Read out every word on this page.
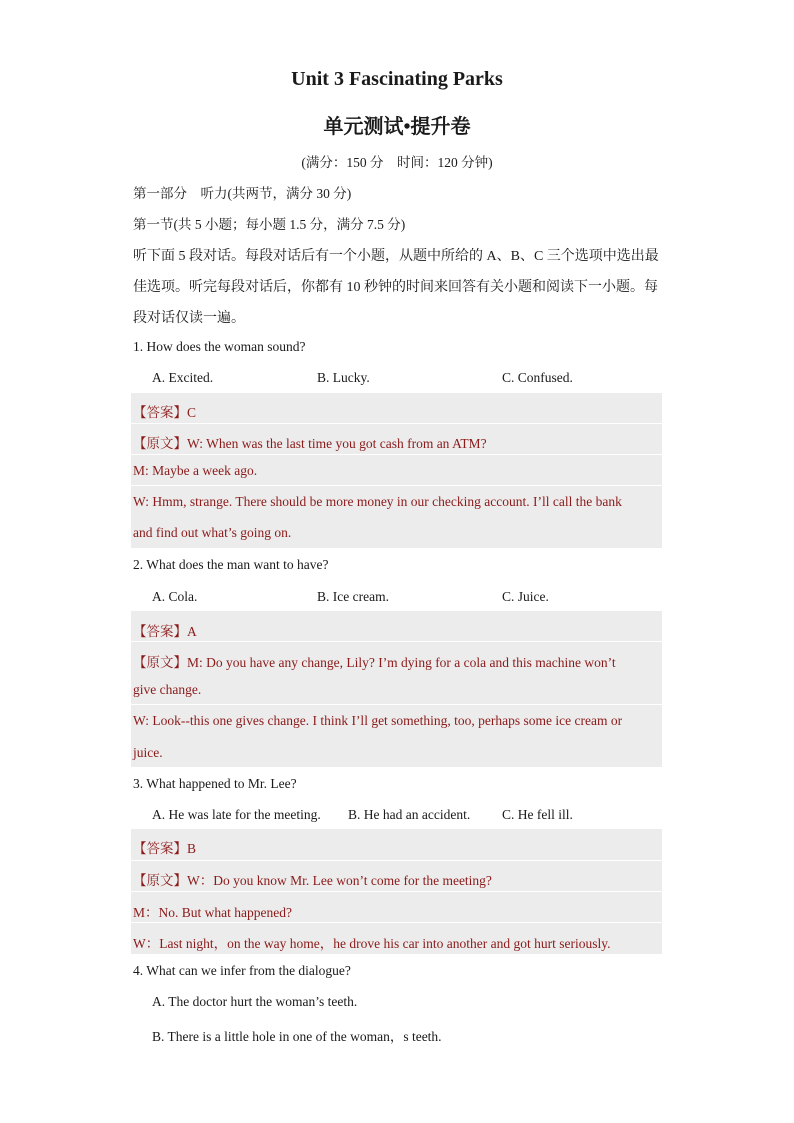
Unit 3 Fascinating Parks
单元测试•提升卷
(满分：150 分　时间：120 分钟)
第一部分　听力(共两节，满分 30 分)
第一节(共 5 小题；每小题 1.5 分，满分 7.5 分)
听下面 5 段对话。每段对话后有一个小题，从题中所给的 A、B、C 三个选项中选出最
佳选项。听完每段对话后，你都有 10 秒钟的时间来回答有关小题和阅读下一小题。每
段对话仅读一遍。
1. How does the woman sound?
A. Excited.	B. Lucky.	C. Confused.
【答案】C
【原文】W: When was the last time you got cash from an ATM?
M: Maybe a week ago.
W: Hmm, strange. There should be more money in our checking account. I’ll call the bank
and find out what’s going on.
2. What does the man want to have?
A. Cola.	B. Ice cream.	C. Juice.
【答案】A
【原文】M: Do you have any change, Lily? I’m dying for a cola and this machine won’t
give change.
W: Look--this one gives change. I think I’ll get something, too, perhaps some ice cream or
juice.
3. What happened to Mr. Lee?
A. He was late for the meeting. B. He had an accident. C. He fell ill.
【答案】B
【原文】W：Do you know Mr. Lee won’t come for the meeting?
M：No. But what happened?
W：Last night，on the way home，he drove his car into another and got hurt seriously.
4. What can we infer from the dialogue?
A. The doctor hurt the woman’s teeth.
B. There is a little hole in one of the woman，s teeth.
